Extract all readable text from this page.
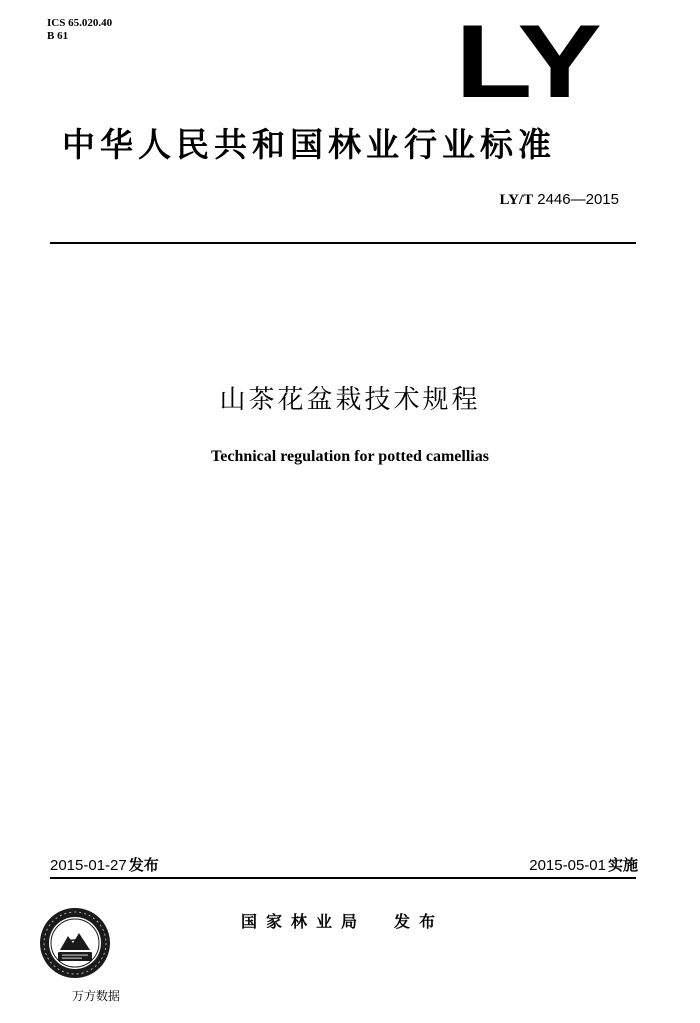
ICS 65.020.40
B 61	LY
中华人民共和国林业行业标准
LY/T 2446—2015
山茶花盆栽技术规程
Technical regulation for potted camellias
2015-01-27 发布	2015-05-01 实施
国家林业局 发布
万方数据
